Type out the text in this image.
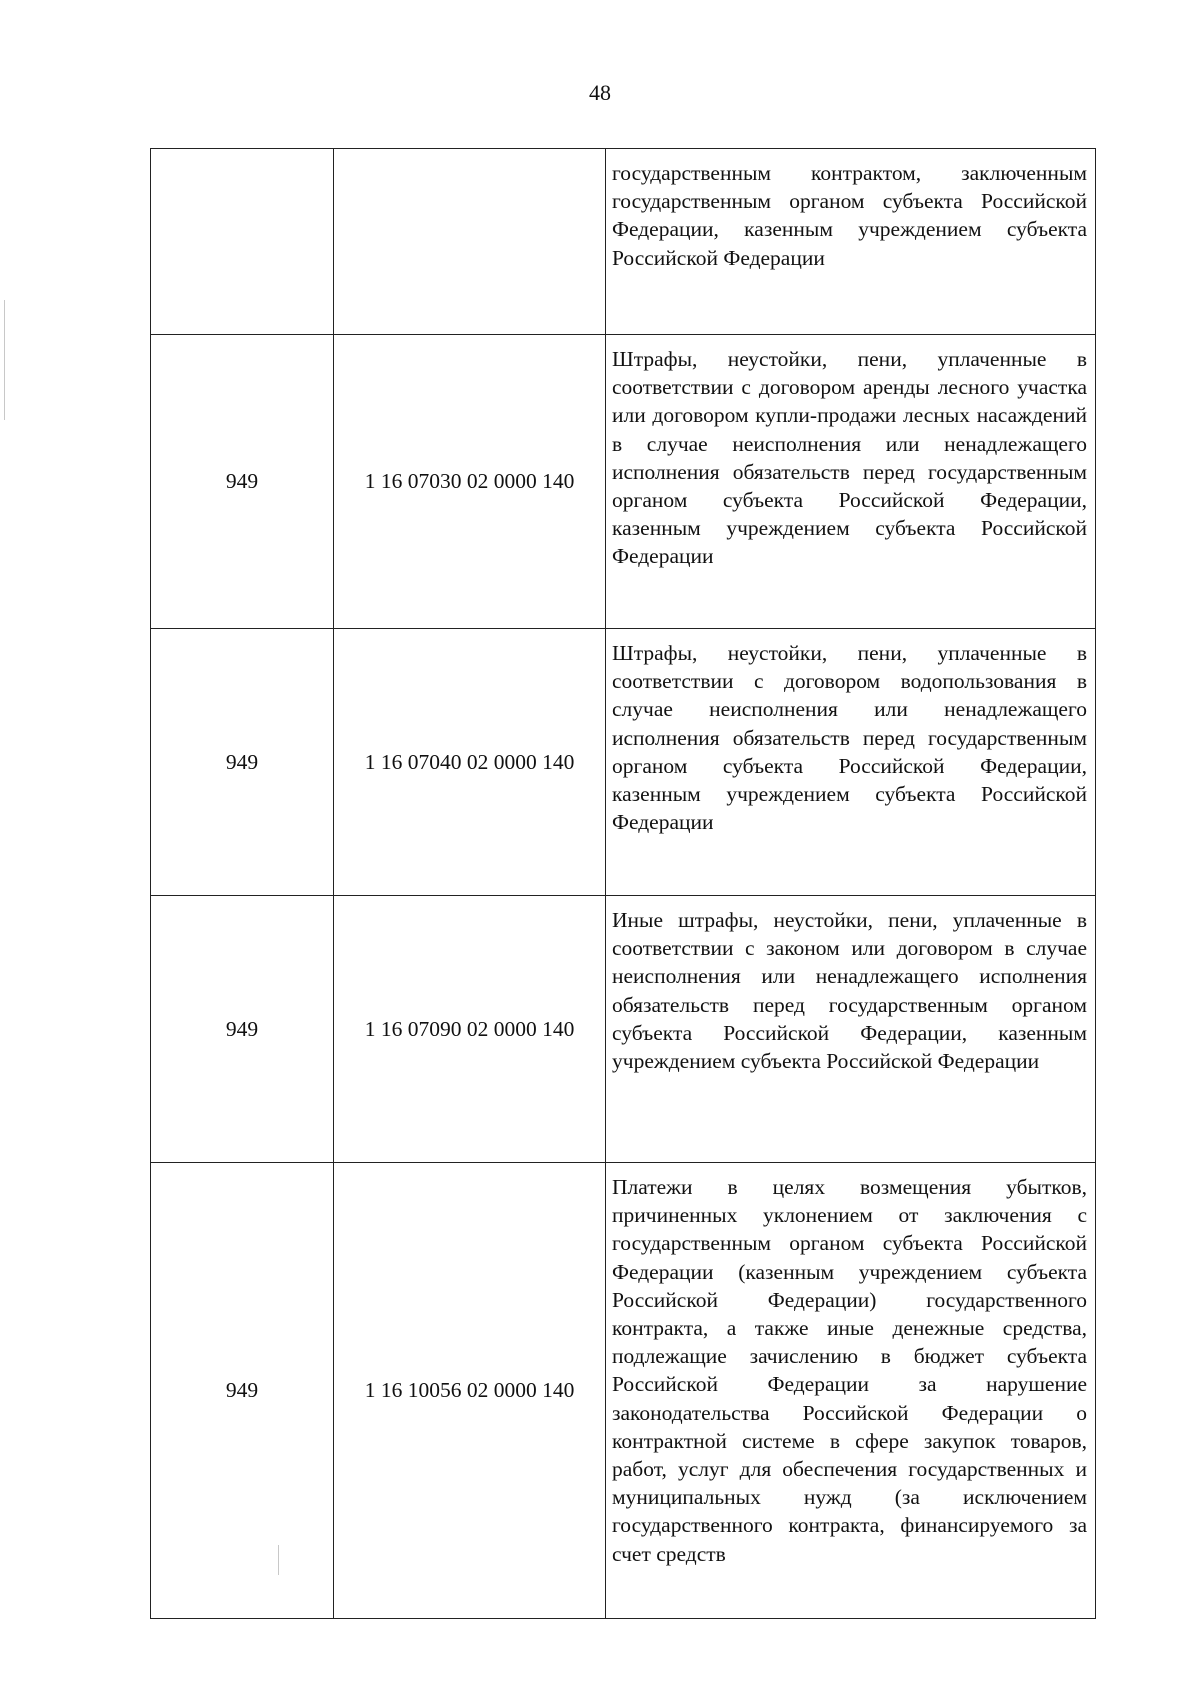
48
		государственным контрактом, заключенным государственным органом субъекта Российской Федерации, казенным учреждением субъекта Российской Федерации
949	1 16 07030 02 0000 140	Штрафы, неустойки, пени, уплаченные в соответствии с договором аренды лесного участка или договором купли-продажи лесных насаждений в случае неисполнения или ненадлежащего исполнения обязательств перед государственным органом субъекта Российской Федерации, казенным учреждением субъекта Российской Федерации
949	1 16 07040 02 0000 140	Штрафы, неустойки, пени, уплаченные в соответствии с договором водопользования в случае неисполнения или ненадлежащего исполнения обязательств перед государственным органом субъекта Российской Федерации, казенным учреждением субъекта Российской Федерации
949	1 16 07090 02 0000 140	Иные штрафы, неустойки, пени, уплаченные в соответствии с законом или договором в случае неисполнения или ненадлежащего исполнения обязательств перед государственным органом субъекта Российской Федерации, казенным учреждением субъекта Российской Федерации
949	1 16 10056 02 0000 140	Платежи в целях возмещения убытков, причиненных уклонением от заключения с государственным органом субъекта Российской Федерации (казенным учреждением субъекта Российской Федерации) государственного контракта, а также иные денежные средства, подлежащие зачислению в бюджет субъекта Российской Федерации за нарушение законодательства Российской Федерации о контрактной системе в сфере закупок товаров, работ, услуг для обеспечения государственных и муниципальных нужд (за исключением государственного контракта, финансируемого за счет средств
